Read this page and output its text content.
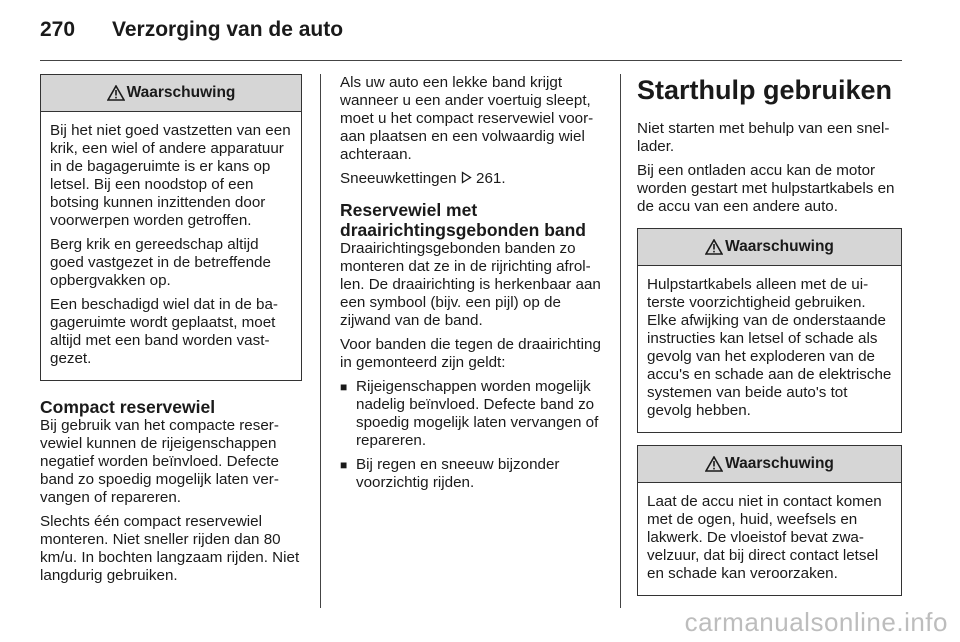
270 Verzorging van de auto
Waarschuwing

Bij het niet goed vastzetten van een krik, een wiel of andere apparatuur in de bagageruimte is er kans op letsel. Bij een noodstop of een botsing kunnen inzittenden door voorwerpen worden getroffen.

Berg krik en gereedschap altijd goed vastgezet in de betreffende opbergvakken op.

Een beschadigd wiel dat in de bagageruimte wordt geplaatst, moet altijd met een band worden vastgezet.

Compact reservewiel

Bij gebruik van het compacte reservewiel kunnen de rijeigenschappen negatief worden beïnvloed. Defecte band zo spoedig mogelijk laten vervangen of repareren.

Slechts één compact reservewiel monteren. Niet sneller rijden dan 80 km/u. In bochten langzaam rijden. Niet langdurig gebruiken.

Als uw auto een lekke band krijgt wanneer u een ander voertuig sleept, moet u het compact reservewiel vooraan plaatsen en een volwaardig wiel achteraan.

Sneeuwkettingen 261.

Reservewiel met
draairichtingsgebonden band

Draairichtingsgebonden banden zo monteren dat ze in de rijrichting afrollen. De draairichting is herkenbaar aan een symbool (bijv. een pijl) op de zijwand van de band.

Voor banden die tegen de draairichting in gemonteerd zijn geldt:

■ Rijeigenschappen worden mogelijk nadelig beïnvloed. Defecte band zo spoedig mogelijk laten vervangen of repareren.
■ Bij regen en sneeuw bijzonder voorzichtig rijden.
Starthulp gebruiken

Niet starten met behulp van een snellader.

Bij een ontladen accu kan de motor worden gestart met hulpstartkabels en de accu van een andere auto.

Waarschuwing

Hulpstartkabels alleen met de uiterste voorzichtigheid gebruiken. Elke afwijking van de onderstaande instructies kan letsel of schade als gevolg van het exploderen van de accu's en schade aan de elektrische systemen van beide auto's tot gevolg hebben.

Waarschuwing

Laat de accu niet in contact komen met de ogen, huid, weefsels en lakwerk. De vloeistof bevat zwavelzuur, dat bij direct contact letsel en schade kan veroorzaken.

carmanualsonline.info
